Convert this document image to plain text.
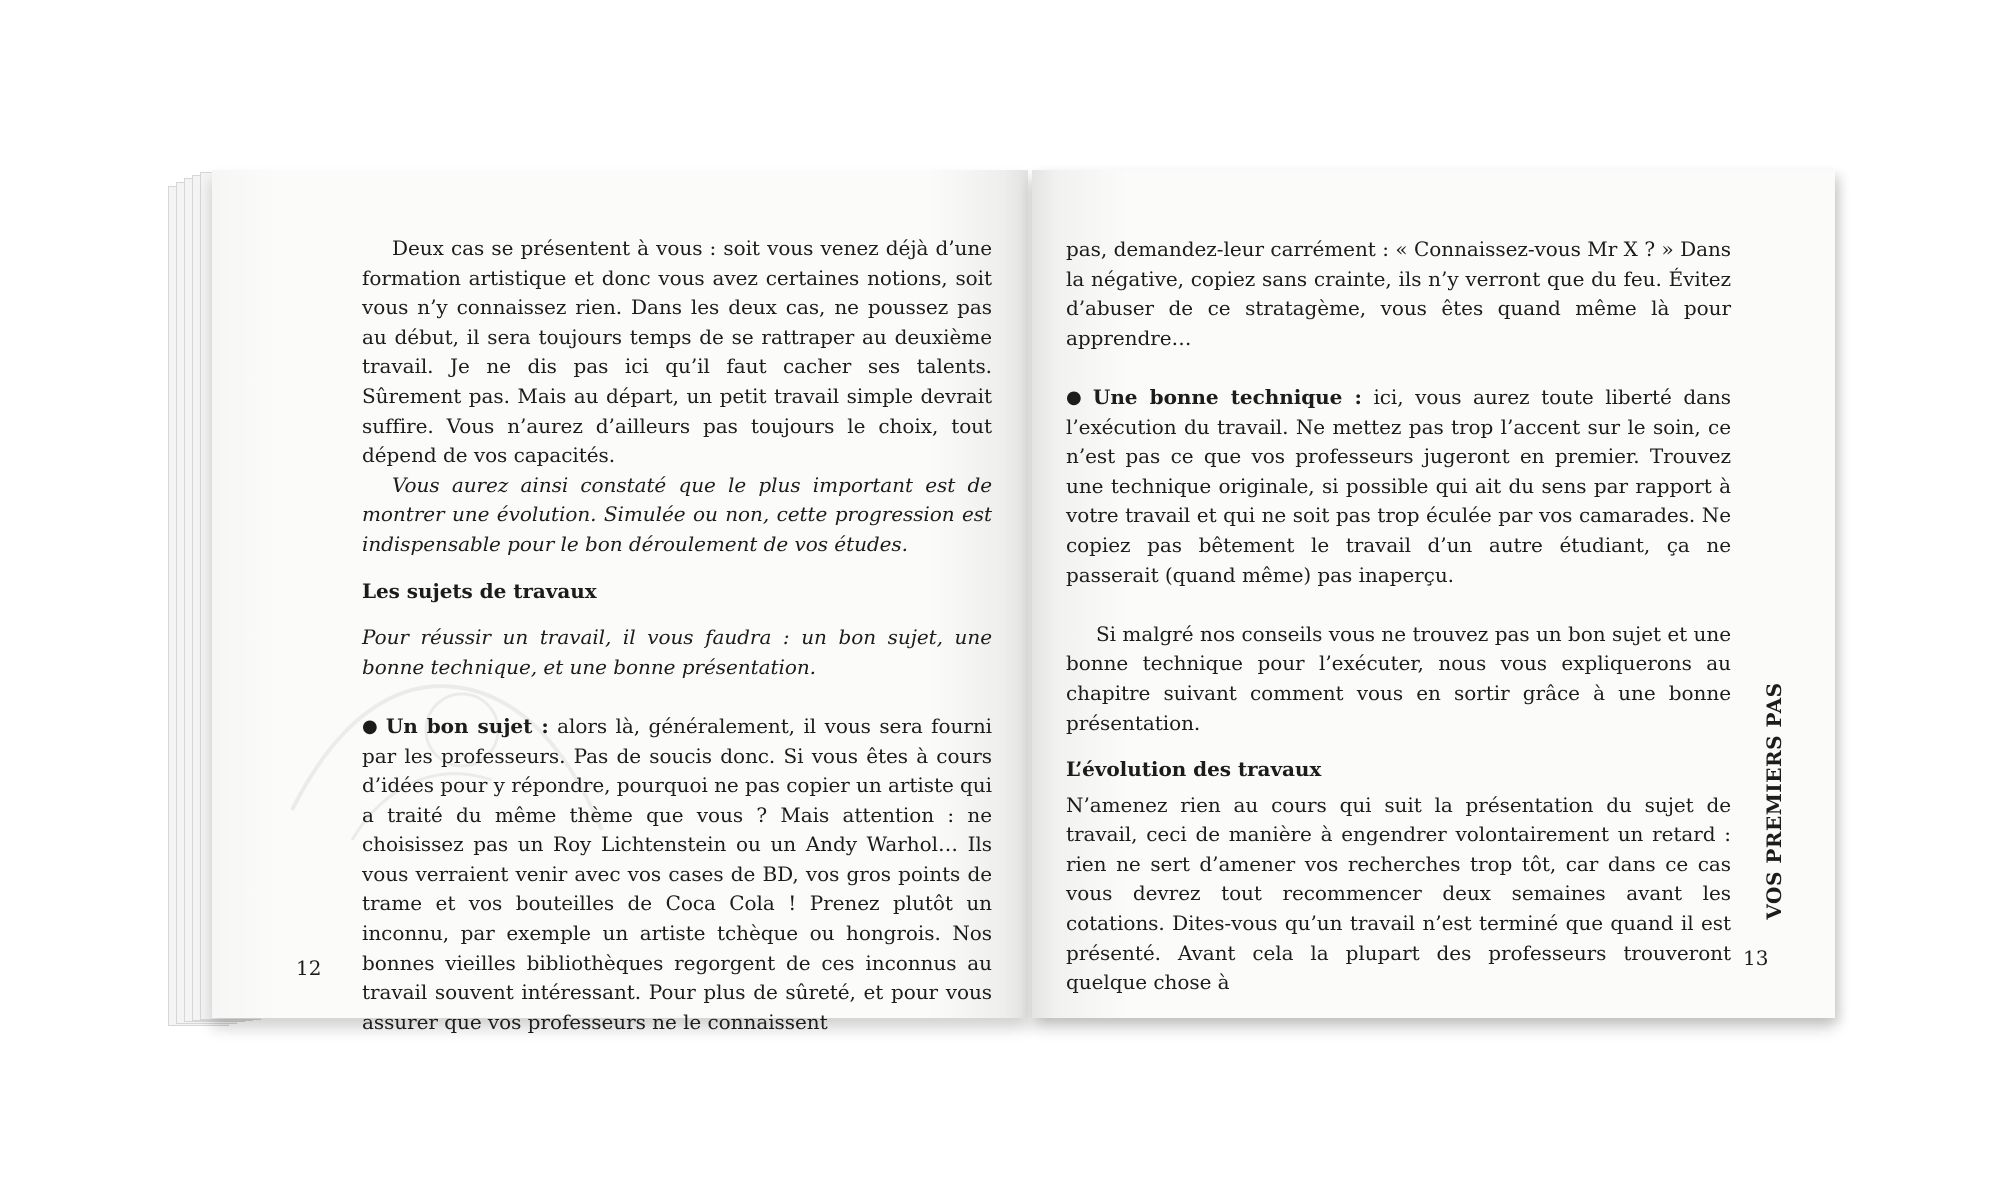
Deux cas se présentent à vous : soit vous venez déjà d’une formation artistique et donc vous avez certaines notions, soit vous n’y connaissez rien. Dans les deux cas, ne poussez pas au début, il sera toujours temps de se rattraper au deuxième travail. Je ne dis pas ici qu’il faut cacher ses talents. Sûrement pas. Mais au départ, un petit travail simple devrait suffire. Vous n’aurez d’ailleurs pas toujours le choix, tout dépend de vos capacités.

Vous aurez ainsi constaté que le plus important est de montrer une évolution. Simulée ou non, cette progression est indispensable pour le bon déroulement de vos études.

Les sujets de travaux

Pour réussir un travail, il vous faudra : un bon sujet, une bonne technique, et une bonne présentation.

● Un bon sujet : alors là, généralement, il vous sera fourni par les professeurs. Pas de soucis donc. Si vous êtes à cours d’idées pour y répondre, pourquoi ne pas copier un artiste qui a traité du même thème que vous ? Mais attention : ne choisissez pas un Roy Lichtenstein ou un Andy Warhol… Ils vous verraient venir avec vos cases de BD, vos gros points de trame et vos bouteilles de Coca Cola ! Prenez plutôt un inconnu, par exemple un artiste tchèque ou hongrois. Nos bonnes vieilles bibliothèques regorgent de ces inconnus au travail souvent intéressant. Pour plus de sûreté, et pour vous assurer que vos professeurs ne le connaissent

12

pas, demandez-leur carrément : « Connaissez-vous Mr X ? » Dans la négative, copiez sans crainte, ils n’y verront que du feu. Évitez d’abuser de ce stratagème, vous êtes quand même là pour apprendre…

● Une bonne technique : ici, vous aurez toute liberté dans l’exécution du travail. Ne mettez pas trop l’accent sur le soin, ce n’est pas ce que vos professeurs jugeront en premier. Trouvez une technique originale, si possible qui ait du sens par rapport à votre travail et qui ne soit pas trop éculée par vos camarades. Ne copiez pas bêtement le travail d’un autre étudiant, ça ne passerait (quand même) pas inaperçu.

Si malgré nos conseils vous ne trouvez pas un bon sujet et une bonne technique pour l’exécuter, nous vous expliquerons au chapitre suivant comment vous en sortir grâce à une bonne présentation.

L’évolution des travaux

N’amenez rien au cours qui suit la présentation du sujet de travail, ceci de manière à engendrer volontairement un retard : rien ne sert d’amener vos recherches trop tôt, car dans ce cas vous devrez tout recommencer deux semaines avant les cotations. Dites-vous qu’un travail n’est terminé que quand il est présenté. Avant cela la plupart des professeurs trouveront quelque chose à

VOS PREMIERS PAS
13
